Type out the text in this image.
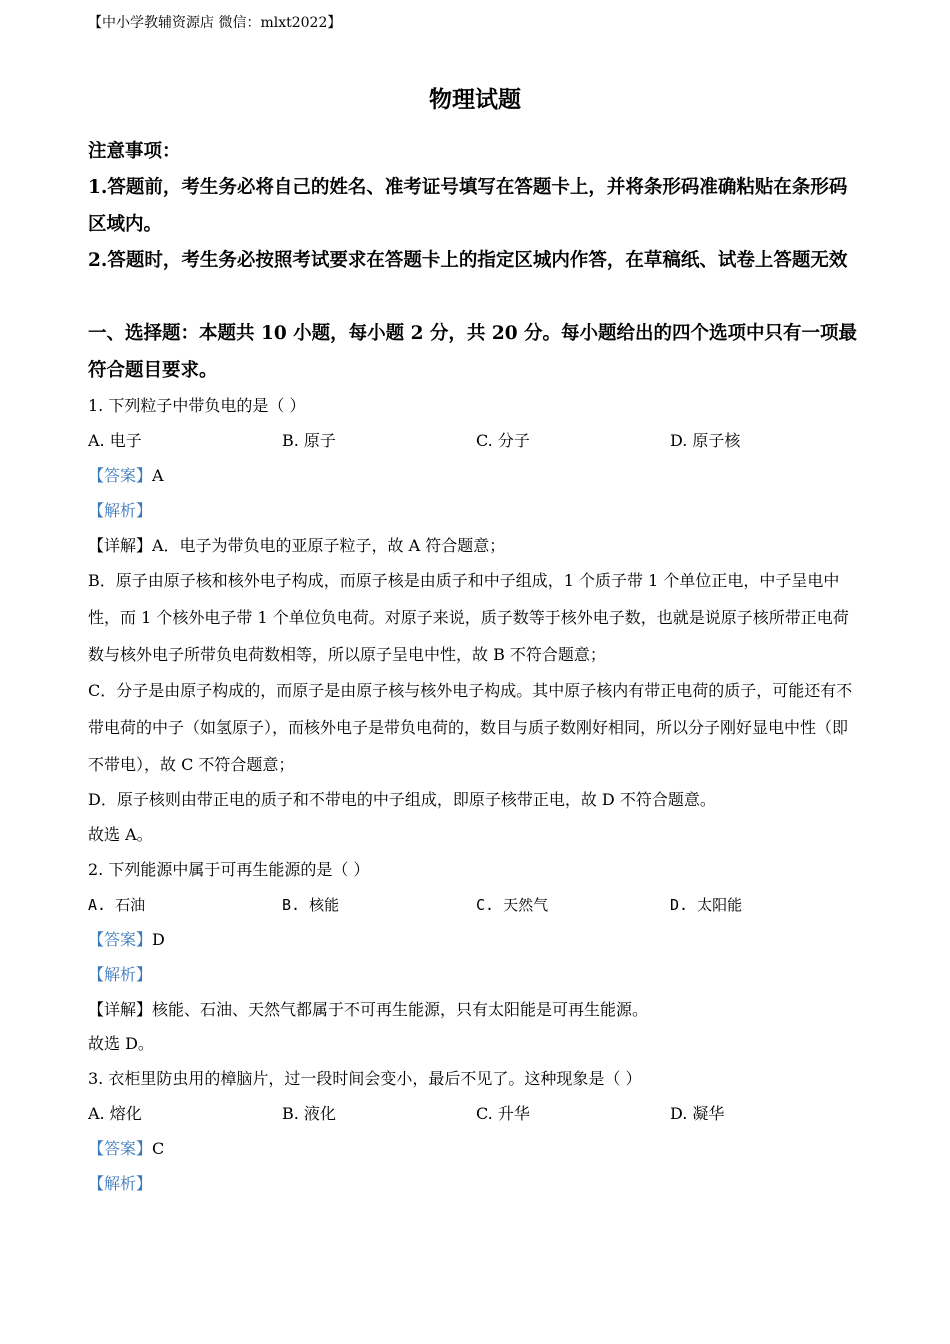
【中小学教辅资源店 微信：mlxt2022】
物理试题
注意事项：
1.答题前，考生务必将自己的姓名、准考证号填写在答题卡上，并将条形码准确粘贴在条形码区域内。
2.答题时，考生务必按照考试要求在答题卡上的指定区城内作答，在草稿纸、试卷上答题无效
一、选择题：本题共 10 小题，每小题 2 分，共 20 分。每小题给出的四个选项中只有一项最符合题目要求。
1. 下列粒子中带负电的是（ ）
A. 电子	B. 原子	C. 分子	D. 原子核
【答案】A
【解析】
【详解】A．电子为带负电的亚原子粒子，故 A 符合题意；
B．原子由原子核和核外电子构成，而原子核是由质子和中子组成，1 个质子带 1 个单位正电，中子呈电中性，而 1 个核外电子带 1 个单位负电荷。对原子来说，质子数等于核外电子数，也就是说原子核所带正电荷数与核外电子所带负电荷数相等，所以原子呈电中性，故 B 不符合题意；
C．分子是由原子构成的，而原子是由原子核与核外电子构成。其中原子核内有带正电荷的质子，可能还有不带电荷的中子（如氢原子），而核外电子是带负电荷的，数目与质子数刚好相同，所以分子刚好显电中性（即不带电），故 C 不符合题意；
D．原子核则由带正电的质子和不带电的中子组成，即原子核带正电，故 D 不符合题意。
故选 A。
2. 下列能源中属于可再生能源的是（ ）
A. 石油	B. 核能	C. 天然气	D. 太阳能
【答案】D
【解析】
【详解】核能、石油、天然气都属于不可再生能源，只有太阳能是可再生能源。
故选 D。
3. 衣柜里防虫用的樟脑片，过一段时间会变小，最后不见了。这种现象是（ ）
A. 熔化	B. 液化	C. 升华	D. 凝华
【答案】C
【解析】
